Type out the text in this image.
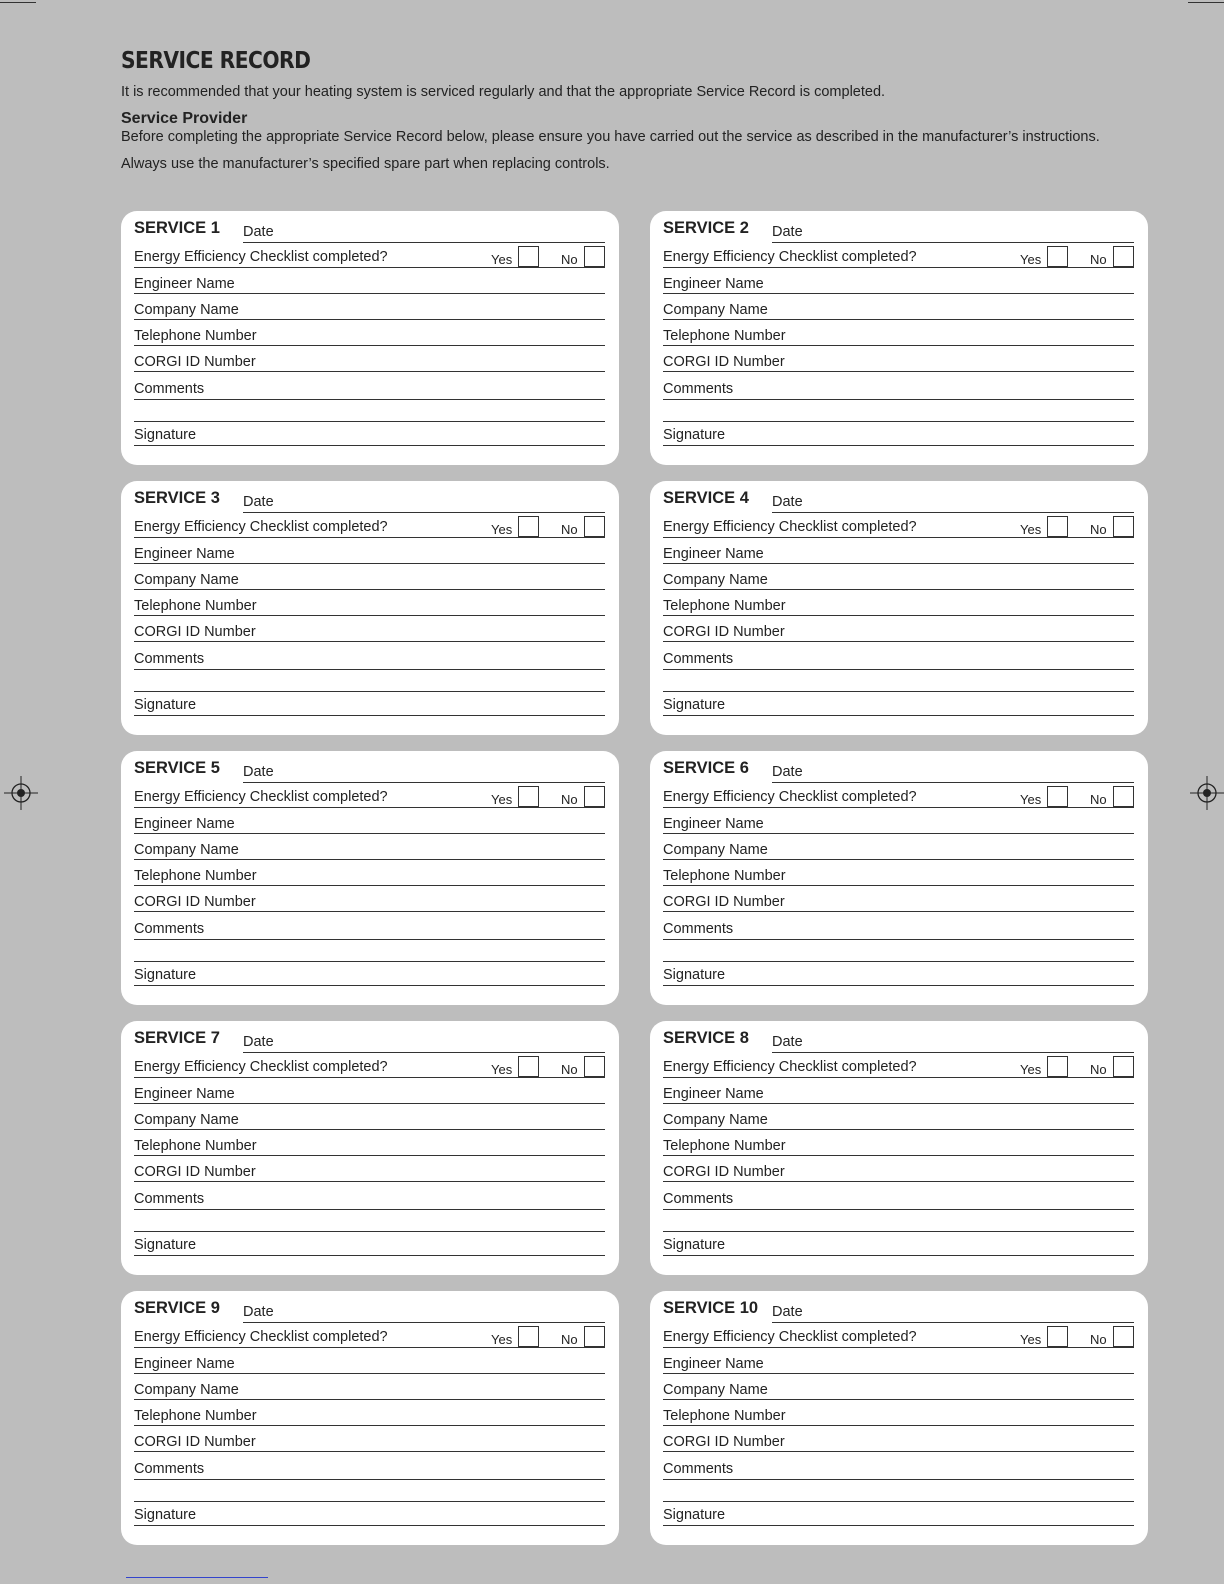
SERVICE RECORD

It is recommended that your heating system is serviced regularly and that the appropriate Service Record is completed.

Service Provider

Before completing the appropriate Service Record below, please ensure you have carried out the service as described in the manufacturer’s instructions.

Always use the manufacturer’s specified spare part when replacing controls.

SERVICE 1 Date
Energy Efficiency Checklist completed?	Yes	No
Engineer Name
Company Name
Telephone Number
CORGI ID Number
Comments
Signature
SERVICE 2 Date
Energy Efficiency Checklist completed?	Yes	No
Engineer Name
Company Name
Telephone Number
CORGI ID Number
Comments
Signature
SERVICE 3 Date
Energy Efficiency Checklist completed?	Yes	No
Engineer Name
Company Name
Telephone Number
CORGI ID Number
Comments
Signature
SERVICE 4 Date
Energy Efficiency Checklist completed?	Yes	No
Engineer Name
Company Name
Telephone Number
CORGI ID Number
Comments
Signature
SERVICE 5 Date
Energy Efficiency Checklist completed?	Yes	No
Engineer Name
Company Name
Telephone Number
CORGI ID Number
Comments
Signature
SERVICE 6 Date
Energy Efficiency Checklist completed?	Yes	No
Engineer Name
Company Name
Telephone Number
CORGI ID Number
Comments
Signature
SERVICE 7 Date
Energy Efficiency Checklist completed?	Yes	No
Engineer Name
Company Name
Telephone Number
CORGI ID Number
Comments
Signature
SERVICE 8 Date
Energy Efficiency Checklist completed?	Yes	No
Engineer Name
Company Name
Telephone Number
CORGI ID Number
Comments
Signature
SERVICE 9 Date
Energy Efficiency Checklist completed?	Yes	No
Engineer Name
Company Name
Telephone Number
CORGI ID Number
Comments
Signature
SERVICE 10 Date
Energy Efficiency Checklist completed?	Yes	No
Engineer Name
Company Name
Telephone Number
CORGI ID Number
Comments
Signature
